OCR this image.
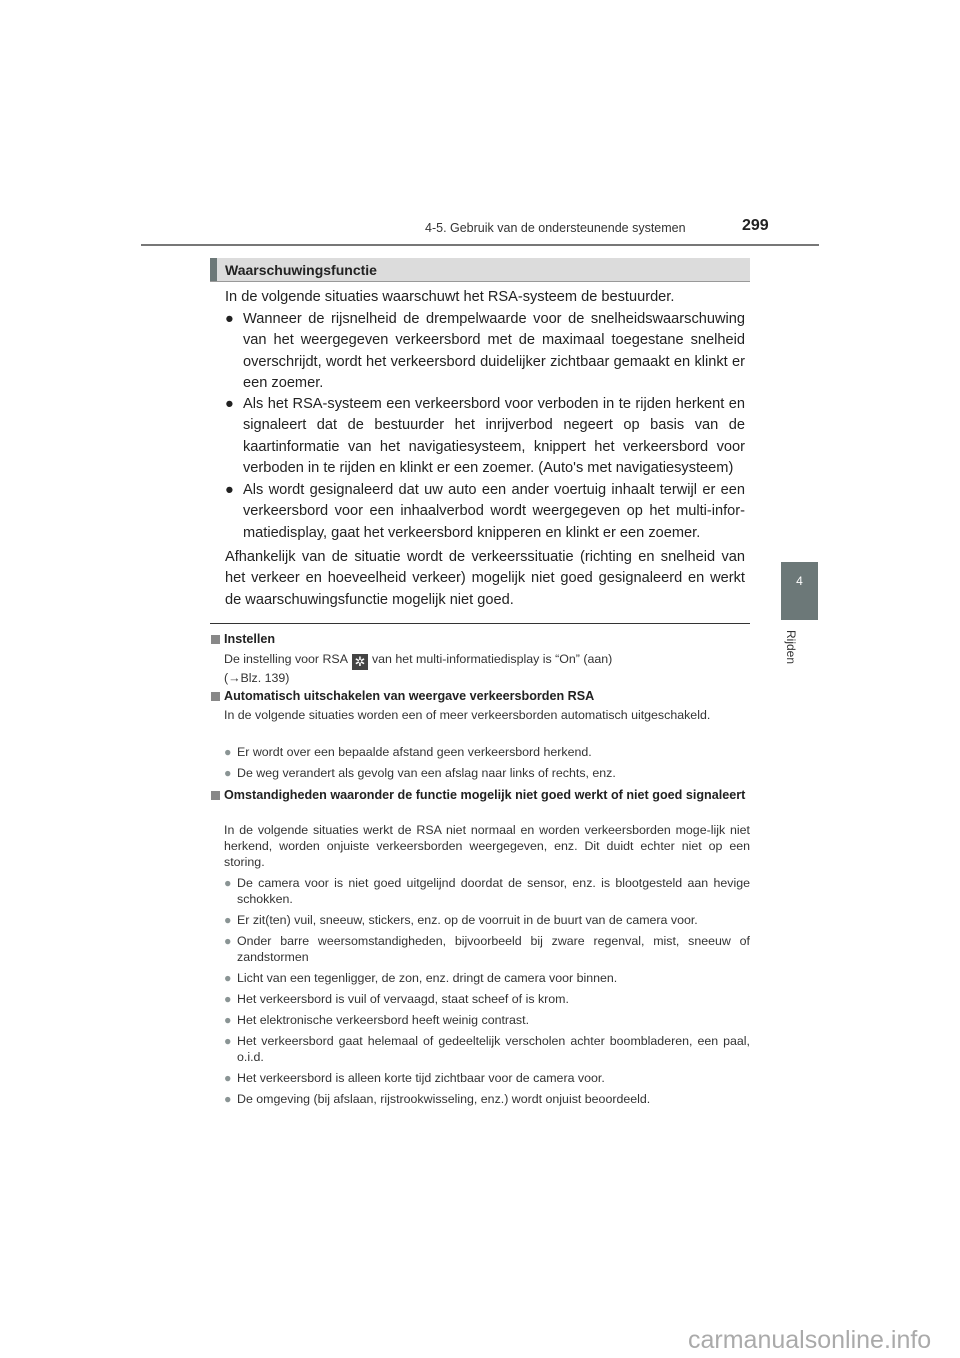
4-5. Gebruik van de ondersteunende systemen	299
4
Rijden
Waarschuwingsfunctie
In de volgende situaties waarschuwt het RSA-systeem de bestuurder.
● Wanneer de rijsnelheid de drempelwaarde voor de snelheidswaarschuwing van het weergegeven verkeersbord met de maximaal toegestane snelheid overschrijdt, wordt het verkeersbord duidelijker zichtbaar gemaakt en klinkt er een zoemer.
● Als het RSA-systeem een verkeersbord voor verboden in te rijden herkent en signaleert dat de bestuurder het inrijverbod negeert op basis van de kaartinformatie van het navigatiesysteem, knippert het verkeersbord voor verboden in te rijden en klinkt er een zoemer. (Auto's met navigatiesysteem)
● Als wordt gesignaleerd dat uw auto een ander voertuig inhaalt terwijl er een verkeersbord voor een inhaalverbod wordt weergegeven op het multi-infor-matiedisplay, gaat het verkeersbord knipperen en klinkt er een zoemer.
Afhankelijk van de situatie wordt de verkeerssituatie (richting en snelheid van het verkeer en hoeveelheid verkeer) mogelijk niet goed gesignaleerd en werkt de waarschuwingsfunctie mogelijk niet goed.
Instellen
De instelling voor RSA ✲ van het multi-informatiedisplay is “On” (aan)
(→Blz. 139)
Automatisch uitschakelen van weergave verkeersborden RSA
In de volgende situaties worden een of meer verkeersborden automatisch uitgeschakeld.
● Er wordt over een bepaalde afstand geen verkeersbord herkend.
● De weg verandert als gevolg van een afslag naar links of rechts, enz.
Omstandigheden waaronder de functie mogelijk niet goed werkt of niet goed signaleert
In de volgende situaties werkt de RSA niet normaal en worden verkeersborden moge-lijk niet herkend, worden onjuiste verkeersborden weergegeven, enz. Dit duidt echter niet op een storing.
● De camera voor is niet goed uitgelijnd doordat de sensor, enz. is blootgesteld aan hevige schokken.
● Er zit(ten) vuil, sneeuw, stickers, enz. op de voorruit in de buurt van de camera voor.
● Onder barre weersomstandigheden, bijvoorbeeld bij zware regenval, mist, sneeuw of zandstormen
● Licht van een tegenligger, de zon, enz. dringt de camera voor binnen.
● Het verkeersbord is vuil of vervaagd, staat scheef of is krom.
● Het elektronische verkeersbord heeft weinig contrast.
● Het verkeersbord gaat helemaal of gedeeltelijk verscholen achter boombladeren, een paal, o.i.d.
● Het verkeersbord is alleen korte tijd zichtbaar voor de camera voor.
● De omgeving (bij afslaan, rijstrookwisseling, enz.) wordt onjuist beoordeeld.
carmanualsonline.info
